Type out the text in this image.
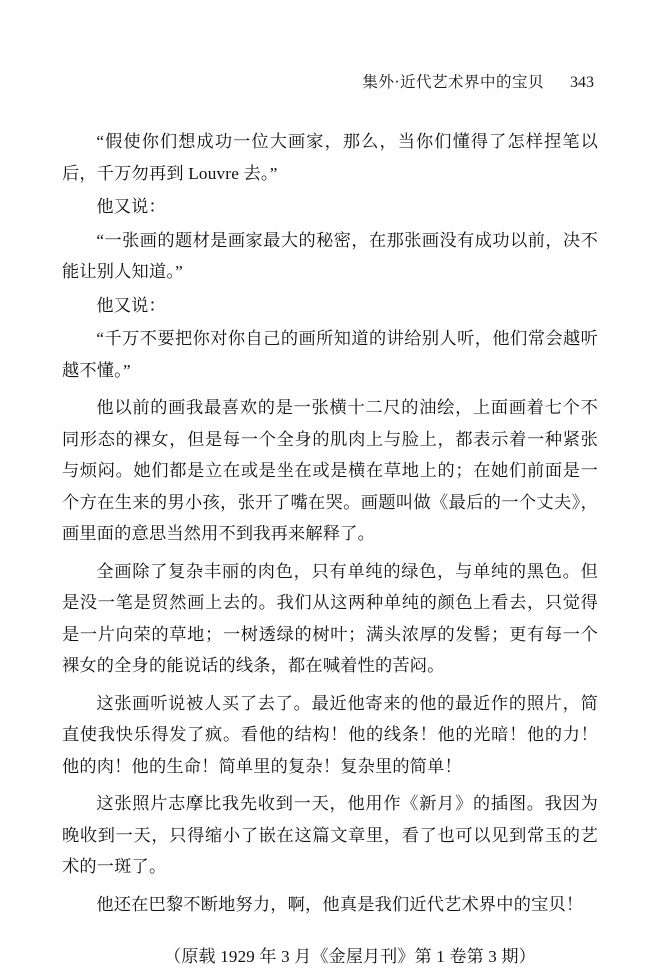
集外·近代艺术界中的宝贝 343

“假使你们想成功一位大画家，那么，当你们懂得了怎样捏笔以后，千万勿再到 Louvre 去。”

他又说：

“一张画的题材是画家最大的秘密，在那张画没有成功以前，决不能让别人知道。”

他又说：

“千万不要把你对你自己的画所知道的讲给别人听，他们常会越听越不懂。”

他以前的画我最喜欢的是一张横十二尺的油绘，上面画着七个不同形态的裸女，但是每一个全身的肌肉上与脸上，都表示着一种紧张与烦闷。她们都是立在或是坐在或是横在草地上的；在她们前面是一个方在生来的男小孩，张开了嘴在哭。画题叫做《最后的一个丈夫》，画里面的意思当然用不到我再来解释了。

全画除了复杂丰丽的肉色，只有单纯的绿色，与单纯的黑色。但是没一笔是贸然画上去的。我们从这两种单纯的颜色上看去，只觉得是一片向荣的草地；一树透绿的树叶；满头浓厚的发髻；更有每一个裸女的全身的能说话的线条，都在喊着性的苦闷。

这张画听说被人买了去了。最近他寄来的他的最近作的照片，简直使我快乐得发了疯。看他的结构！他的线条！他的光暗！他的力！他的肉！他的生命！简单里的复杂！复杂里的简单！

这张照片志摩比我先收到一天，他用作《新月》的插图。我因为晚收到一天，只得缩小了嵌在这篇文章里，看了也可以见到常玉的艺术的一斑了。

他还在巴黎不断地努力，啊，他真是我们近代艺术界中的宝贝！

（原载 1929 年 3 月《金屋月刊》第 1 卷第 3 期）
